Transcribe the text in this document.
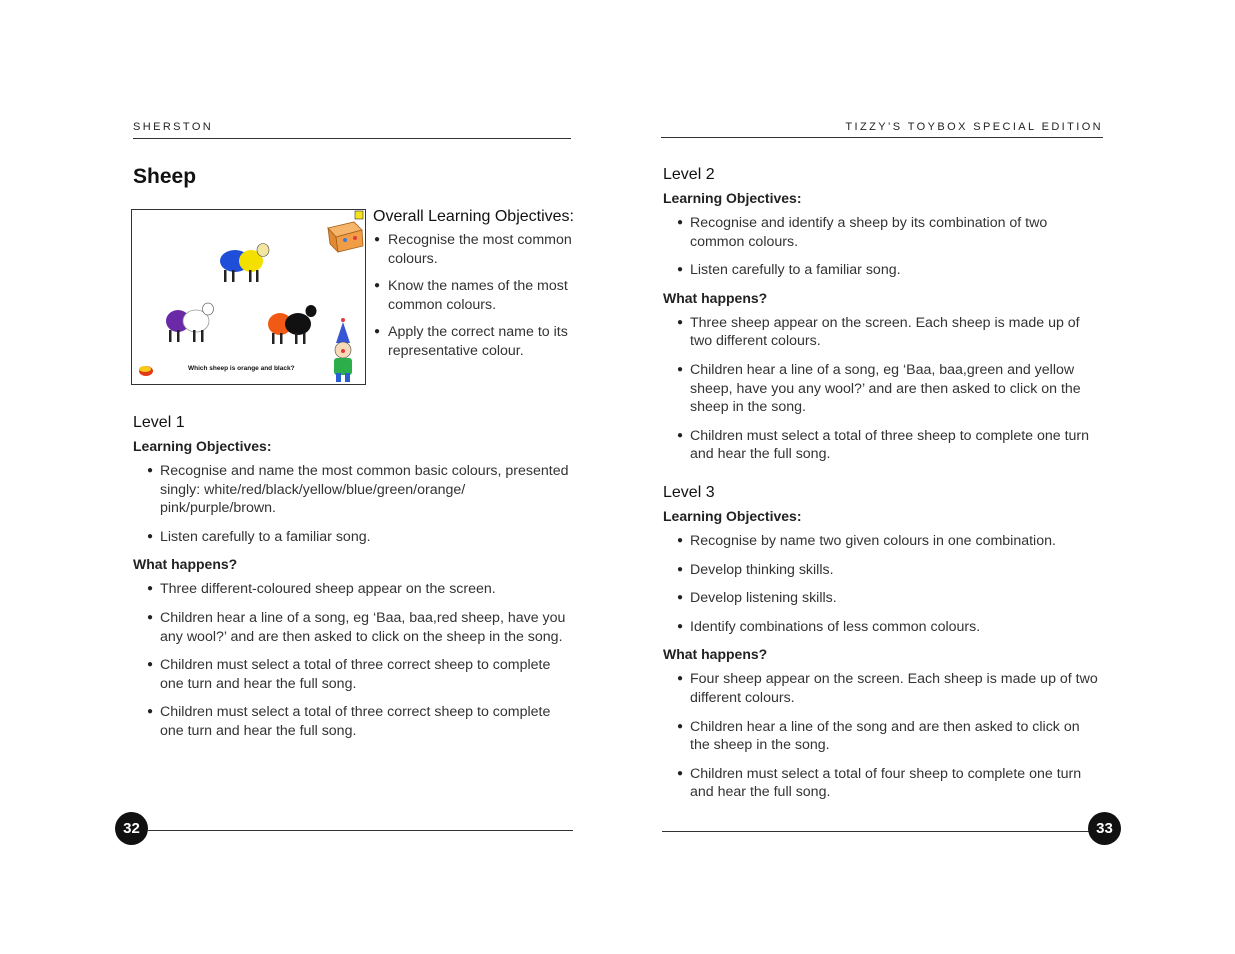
SHERSTON
Sheep
Which sheep is orange and black?
Overall Learning Objectives:
● Recognise the most common colours.
● Know the names of the most common colours.
● Apply the correct name to its representative colour.
Level 1
Learning Objectives:
● Recognise and name the most common basic colours, presented singly: white/red/black/yellow/blue/green/orange/ pink/purple/brown.
● Listen carefully to a familiar song.
What happens?
● Three different-coloured sheep appear on the screen.
● Children hear a line of a song, eg ‘Baa, baa,red sheep, have you any wool?’ and are then asked to click on the sheep in the song.
● Children must select a total of three correct sheep to complete one turn and hear the full song.
● Children must select a total of three correct sheep to complete one turn and hear the full song.
32
TIZZY’S TOYBOX SPECIAL EDITION
Level 2
Learning Objectives:
● Recognise and identify a sheep by its combination of two common colours.
● Listen carefully to a familiar song.
What happens?
● Three sheep appear on the screen. Each sheep is made up of two different colours.
● Children hear a line of a song, eg ‘Baa, baa,green and yellow sheep, have you any wool?’ and are then asked to click on the sheep in the song.
● Children must select a total of three sheep to complete one turn and hear the full song.
Level 3
Learning Objectives:
● Recognise by name two given colours in one combination.
● Develop thinking skills.
● Develop listening skills.
● Identify combinations of less common colours.
What happens?
● Four sheep appear on the screen. Each sheep is made up of two different colours.
● Children hear a line of the song and are then asked to click on the sheep in the song.
● Children must select a total of four sheep to complete one turn and hear the full song.
33
